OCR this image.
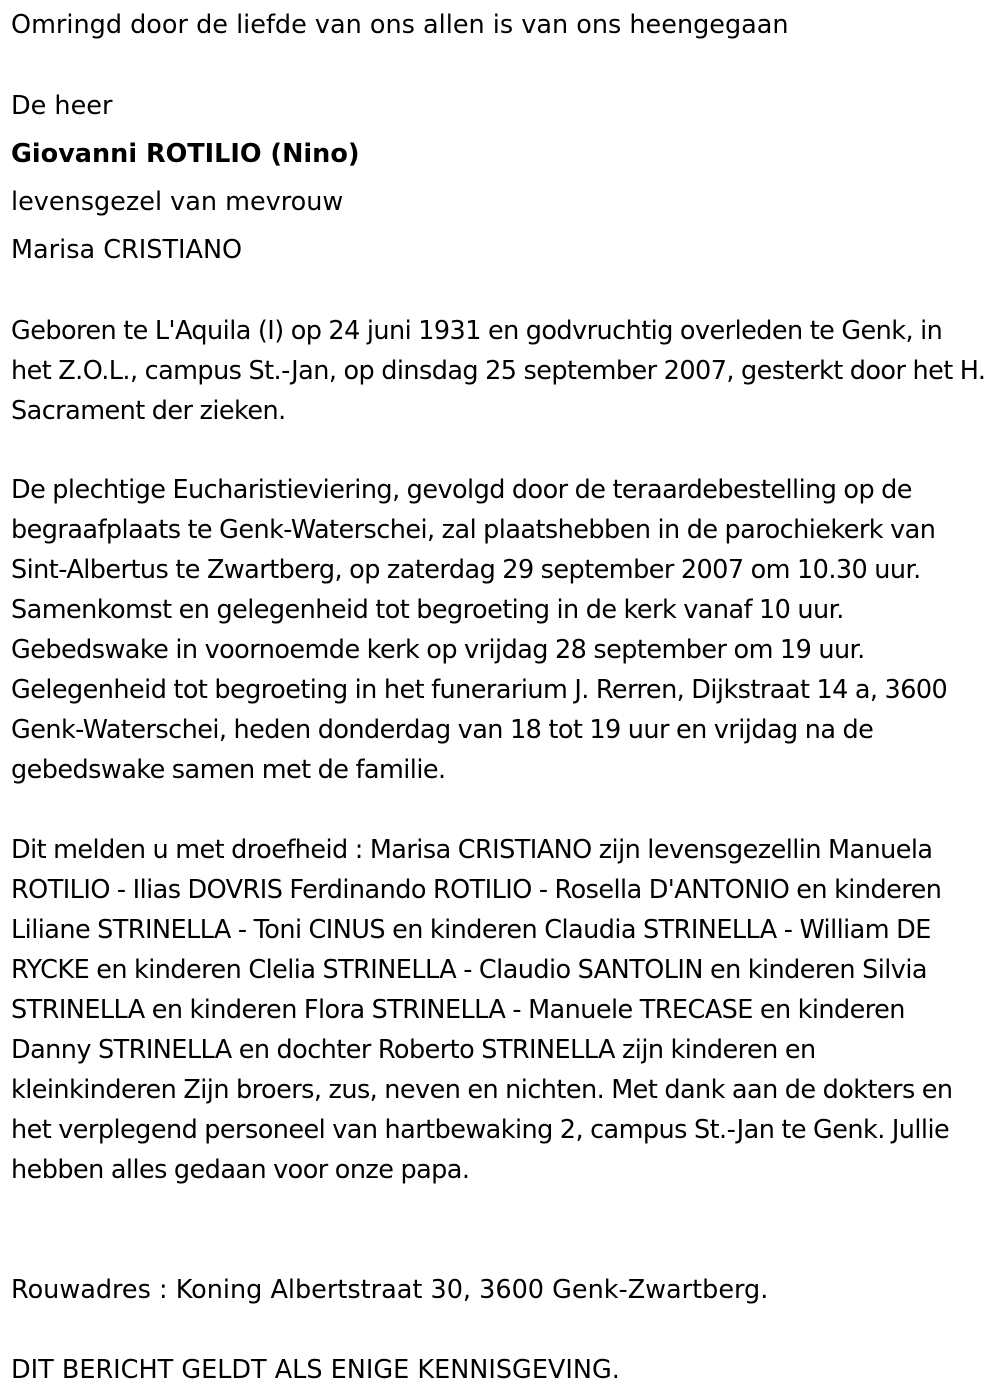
Omringd door de liefde van ons allen is van ons heengegaan

De heer

Giovanni ROTILIO (Nino)

levensgezel van mevrouw

Marisa CRISTIANO

Geboren te L'Aquila (I) op 24 juni 1931 en godvruchtig overleden te Genk, in het Z.O.L., campus St.-Jan, op dinsdag 25 september 2007, gesterkt door het H. Sacrament der zieken.

De plechtige Eucharistieviering, gevolgd door de teraardebestelling op de begraafplaats te Genk-Waterschei, zal plaatshebben in de parochiekerk van Sint-Albertus te Zwartberg, op zaterdag 29 september 2007 om 10.30 uur. Samenkomst en gelegenheid tot begroeting in de kerk vanaf 10 uur. Gebedswake in voornoemde kerk op vrijdag 28 september om 19 uur. Gelegenheid tot begroeting in het funerarium J. Rerren, Dijkstraat 14 a, 3600 Genk-Waterschei, heden donderdag van 18 tot 19 uur en vrijdag na de gebedswake samen met de familie.

Dit melden u met droefheid : Marisa CRISTIANO zijn levensgezellin Manuela ROTILIO - Ilias DOVRIS Ferdinando ROTILIO - Rosella D'ANTONIO en kinderen Liliane STRINELLA - Toni CINUS en kinderen Claudia STRINELLA - William DE RYCKE en kinderen Clelia STRINELLA - Claudio SANTOLIN en kinderen Silvia STRINELLA en kinderen Flora STRINELLA - Manuele TRECASE en kinderen Danny STRINELLA en dochter Roberto STRINELLA zijn kinderen en kleinkinderen Zijn broers, zus, neven en nichten. Met dank aan de dokters en het verplegend personeel van hartbewaking 2, campus St.-Jan te Genk. Jullie hebben alles gedaan voor onze papa.

Rouwadres : Koning Albertstraat 30, 3600 Genk-Zwartberg.

DIT BERICHT GELDT ALS ENIGE KENNISGEVING.
